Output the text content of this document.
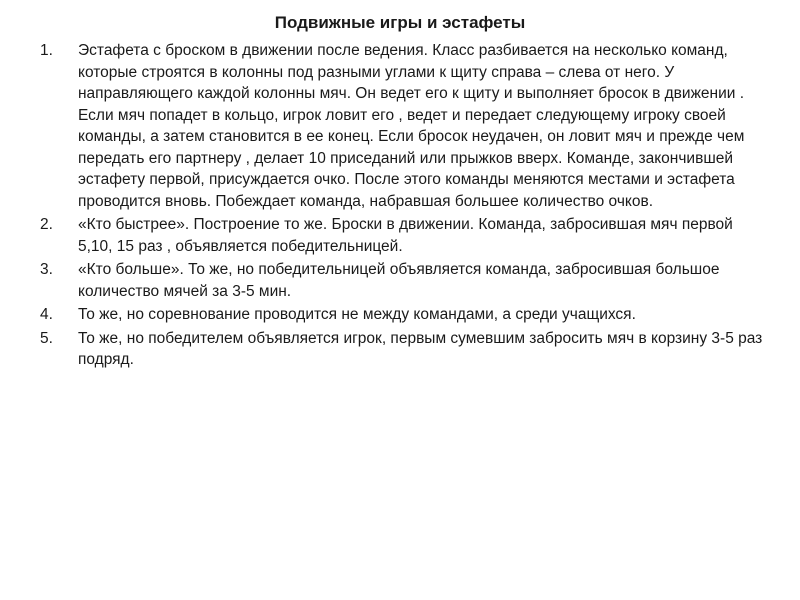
Подвижные игры и эстафеты
1.	Эстафета с броском в движении после ведения. Класс разбивается на несколько команд, которые строятся в колонны под разными углами к щиту справа – слева от него. У направляющего каждой колонны мяч. Он ведет его к щиту и выполняет бросок в движении . Если мяч попадет в кольцо, игрок ловит его , ведет и передает следующему игроку своей команды, а затем становится в ее конец. Если бросок неудачен, он ловит мяч и прежде чем передать его партнеру , делает 10 приседаний или прыжков вверх. Команде, закончившей эстафету первой, присуждается очко. После этого команды меняются местами и эстафета проводится вновь. Побеждает команда, набравшая большее количество очков.
2.	«Кто быстрее». Построение то же. Броски в движении. Команда, забросившая мяч первой 5,10, 15 раз , объявляется победительницей.
3.	«Кто больше». То же, но победительницей объявляется команда, забросившая большое количество мячей за 3-5 мин.
4.	То же, но соревнование проводится не между командами, а среди учащихся.
5.	То же, но победителем объявляется игрок, первым сумевшим забросить мяч в корзину 3-5 раз подряд.
